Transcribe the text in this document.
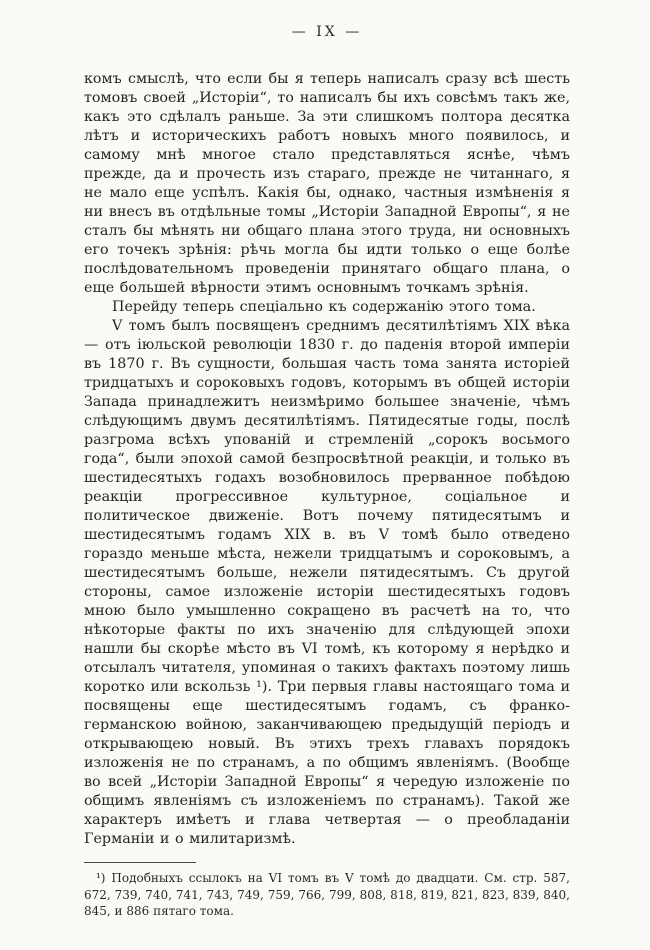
— IX —

комъ смыслѣ, что если бы я теперь написалъ сразу всѣ шесть томовъ своей „Исторіи“, то написалъ бы ихъ совсѣмъ такъ же, какъ это сдѣлалъ раньше. За эти слишкомъ полтора десятка лѣтъ и историческихъ работъ новыхъ много появилось, и самому мнѣ многое стало представляться яснѣе, чѣмъ прежде, да и прочесть изъ стараго, прежде не читаннаго, я не мало еще успѣлъ. Какія бы, однако, частныя измѣненія я ни внесъ въ отдѣльные томы „Исторіи Западной Европы“, я не сталъ бы мѣнять ни общаго плана этого труда, ни основныхъ его точекъ зрѣнія: рѣчь могла бы идти только о еще болѣе послѣдовательномъ проведеніи принятаго общаго плана, о еще большей вѣрности этимъ основнымъ точкамъ зрѣнія.

Перейду теперь спеціально къ содержанію этого тома.

V томъ былъ посвященъ среднимъ десятилѣтіямъ XIX вѣка — отъ іюльской революціи 1830 г. до паденія второй имперіи въ 1870 г. Въ сущности, большая часть тома занята исторіей тридцатыхъ и сороковыхъ годовъ, которымъ въ общей исторіи Запада принадлежитъ неизмѣримо большее значеніе, чѣмъ слѣдующимъ двумъ десятилѣтіямъ. Пятидесятые годы, послѣ разгрома всѣхъ упованій и стремленій „сорокъ восьмого года“, были эпохой самой безпросвѣтной реакціи, и только въ шестидесятыхъ годахъ возобновилось прерванное побѣдою реакціи прогрессивное культурное, соціальное и политическое движеніе. Вотъ почему пятидесятымъ и шестидесятымъ годамъ XIX в. въ V томѣ было отведено гораздо меньше мѣста, нежели тридцатымъ и сороковымъ, а шестидесятымъ больше, нежели пятидесятымъ. Съ другой стороны, самое изложеніе исторіи шестидесятыхъ годовъ мною было умышленно сокращено въ расчетѣ на то, что нѣкоторые факты по ихъ значенію для слѣдующей эпохи нашли бы скорѣе мѣсто въ VI томѣ, къ которому я нерѣдко и отсылалъ читателя, упоминая о такихъ фактахъ поэтому лишь коротко или вскользь ¹). Три первыя главы настоящаго тома и посвящены еще шестидесятымъ годамъ, съ франко-германскою войною, заканчивающею предыдущій періодъ и открывающею новый. Въ этихъ трехъ главахъ порядокъ изложенія не по странамъ, а по общимъ явленіямъ. (Вообще во всей „Исторіи Западной Европы“ я чередую изложеніе по общимъ явленіямъ съ изложеніемъ по странамъ). Такой же характеръ имѣетъ и глава четвертая — о преобладаніи Германіи и о милитаризмѣ.

¹) Подобныхъ ссылокъ на VI томъ въ V томѣ до двадцати. См. стр. 587, 672, 739, 740, 741, 743, 749, 759, 766, 799, 808, 818, 819, 821, 823, 839, 840, 845, и 886 пятаго тома.
